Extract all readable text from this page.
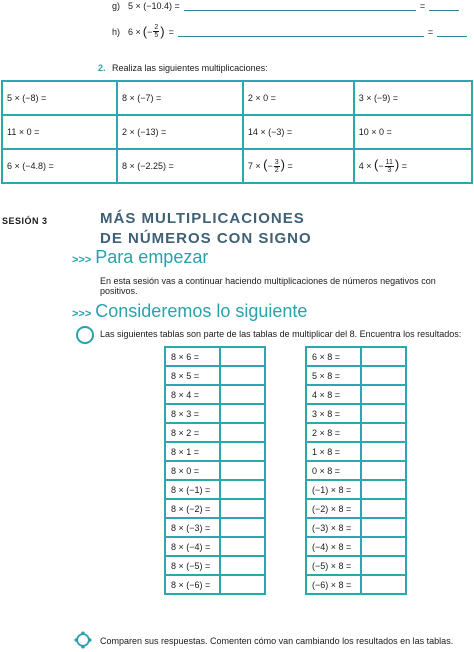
g) 5 × (−10.4) =	=
h) 6 × ( − $\frac{2}{5}$ ) =	=
2. Realiza las siguientes multiplicaciones:
5 × (−8) =	8 × (−7) =	2 × 0 =	3 × (−9) =
11 × 0 =	2 × (−13) =	14 × (−3) =	10 × 0 =
6 × (−4.8) =	8 × (−2.25) =	7 × (− $\frac{3}{2}$ ) =	4 × (− $\frac{11}{3}$ ) =
SESIÓN 3	MÁS MULTIPLICACIONES
DE NÚMEROS CON SIGNO
>>> Para empezar
En esta sesión vas a continuar haciendo multiplicaciones de números negativos con positivos.
>>> Consideremos lo siguiente
Las siguientes tablas son parte de las tablas de multiplicar del 8. Encuentra los resultados:
8 × 6 =	
8 × 5 =	
8 × 4 =	
8 × 3 =	
8 × 2 =	
8 × 1 =	
8 × 0 =	
8 × (−1) =	
8 × (−2) =	
8 × (−3) =	
8 × (−4) =	
8 × (−5) =	
8 × (−6) =	
6 × 8 =	
5 × 8 =	
4 × 8 =	
3 × 8 =	
2 × 8 =	
1 × 8 =	
0 × 8 =	
(−1) × 8 =	
(−2) × 8 =	
(−3) × 8 =	
(−4) × 8 =	
(−5) × 8 =	
(−6) × 8 =	
Comparen sus respuestas. Comenten cómo van cambiando los resultados en las tablas.
